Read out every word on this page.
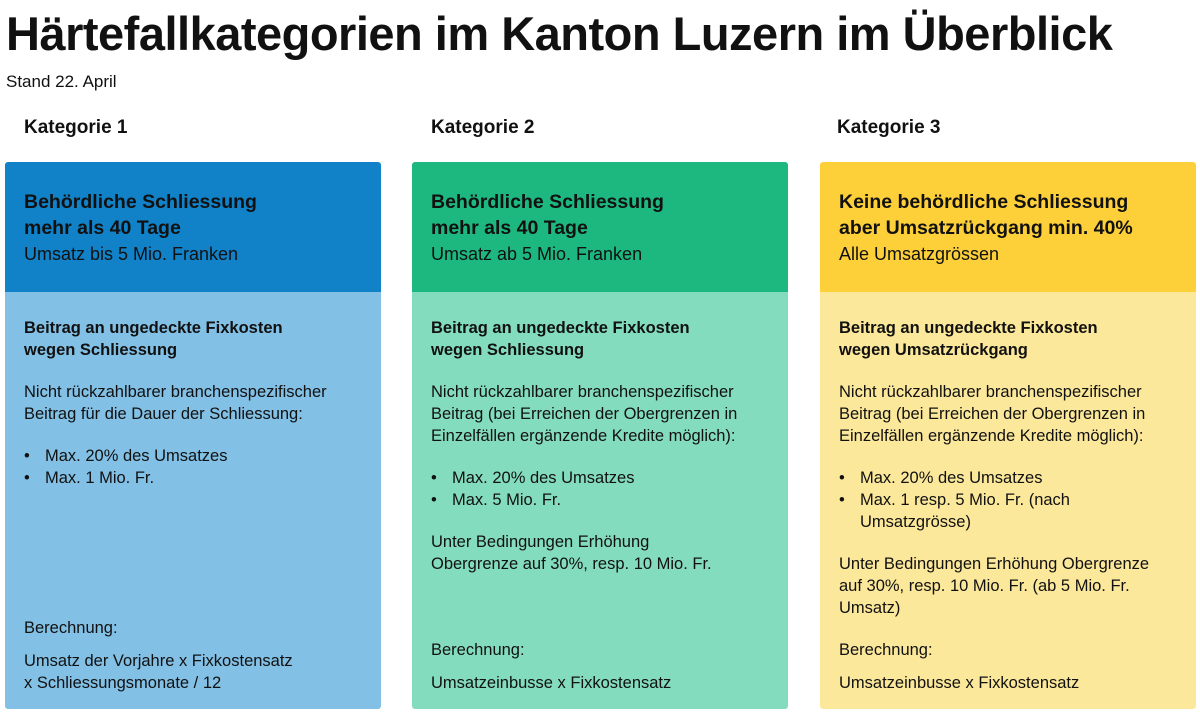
Härtefallkategorien im Kanton Luzern im Überblick
Stand 22. April
Kategorie 1	Kategorie 2	Kategorie 3
Behördliche Schliessung
mehr als 40 Tage
Umsatz bis 5 Mio. Franken
Beitrag an ungedeckte Fixkosten
wegen Schliessung
Nicht rückzahlbarer branchenspezifischer
Beitrag für die Dauer der Schliessung:
• Max. 20% des Umsatzes
• Max. 1 Mio. Fr.
Berechnung:
Umsatz der Vorjahre x Fixkostensatz
x Schliessungsmonate / 12
Behördliche Schliessung
mehr als 40 Tage
Umsatz ab 5 Mio. Franken
Beitrag an ungedeckte Fixkosten
wegen Schliessung
Nicht rückzahlbarer branchenspezifischer
Beitrag (bei Erreichen der Obergrenzen in
Einzelfällen ergänzende Kredite möglich):
• Max. 20% des Umsatzes
• Max. 5 Mio. Fr.
Unter Bedingungen Erhöhung
Obergrenze auf 30%, resp. 10 Mio. Fr.
Berechnung:
Umsatzeinbusse x Fixkostensatz
Keine behördliche Schliessung
aber Umsatzrückgang min. 40%
Alle Umsatzgrössen
Beitrag an ungedeckte Fixkosten
wegen Umsatzrückgang
Nicht rückzahlbarer branchenspezifischer
Beitrag (bei Erreichen der Obergrenzen in
Einzelfällen ergänzende Kredite möglich):
• Max. 20% des Umsatzes
• Max. 1 resp. 5 Mio. Fr. (nach
Umsatzgrösse)
Unter Bedingungen Erhöhung Obergrenze
auf 30%, resp. 10 Mio. Fr. (ab 5 Mio. Fr.
Umsatz)
Berechnung:
Umsatzeinbusse x Fixkostensatz
